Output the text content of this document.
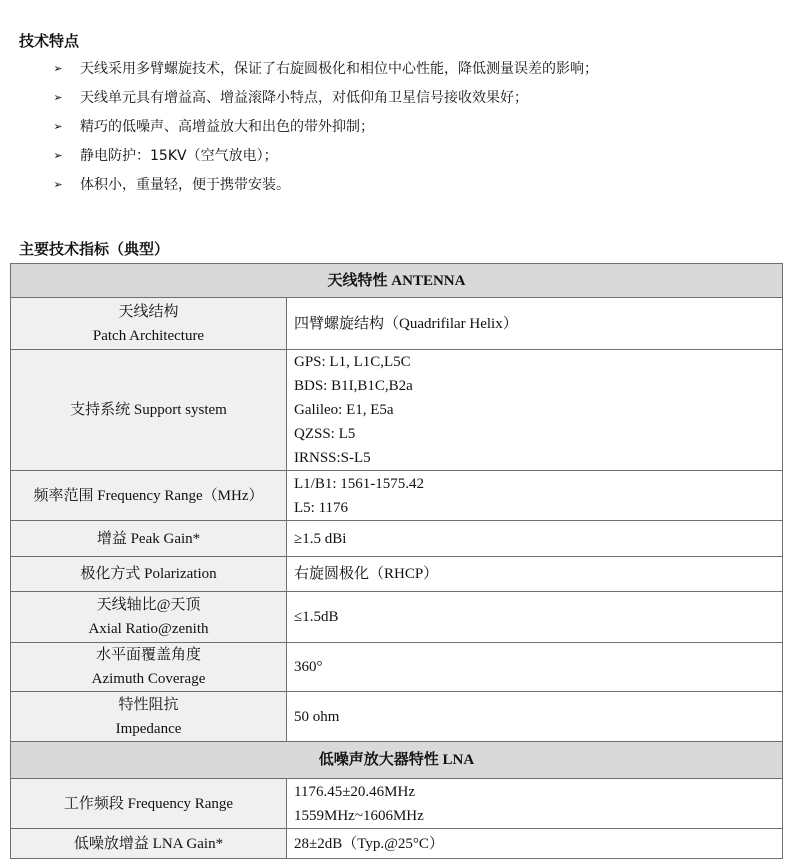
技术特点
➢ 天线采用多臂螺旋技术，保证了右旋圆极化和相位中心性能，降低测量误差的影响；
➢ 天线单元具有增益高、增益滚降小特点，对低仰角卫星信号接收效果好；
➢ 精巧的低噪声、高增益放大和出色的带外抑制；
➢ 静电防护：15KV（空气放电）；
➢ 体积小，重量轻，便于携带安装。
主要技术指标（典型）
天线特性 ANTENNA	

天线结构
Patch Architecture	四臂螺旋结构（Quadrifilar Helix）

支持系统 Support system	GPS: L1, L1C,L5C
BDS: B1I,B1C,B2a
Galileo: E1, E5a
QZSS: L5
IRNSS:S-L5

频率范围 Frequency Range（MHz）	L1/B1: 1561-1575.42
L5: 1176

增益 Peak Gain*	≥1.5 dBi

极化方式 Polarization	右旋圆极化（RHCP）

天线轴比@天顶
Axial Ratio@zenith	≤1.5dB

水平面覆盖角度
Azimuth Coverage	360°

特性阻抗
Impedance	50 ohm

低噪声放大器特性 LNA	

工作频段 Frequency Range	1176.45±20.46MHz
1559MHz~1606MHz

低噪放增益 LNA Gain*	28±2dB（Typ.@25°C）
